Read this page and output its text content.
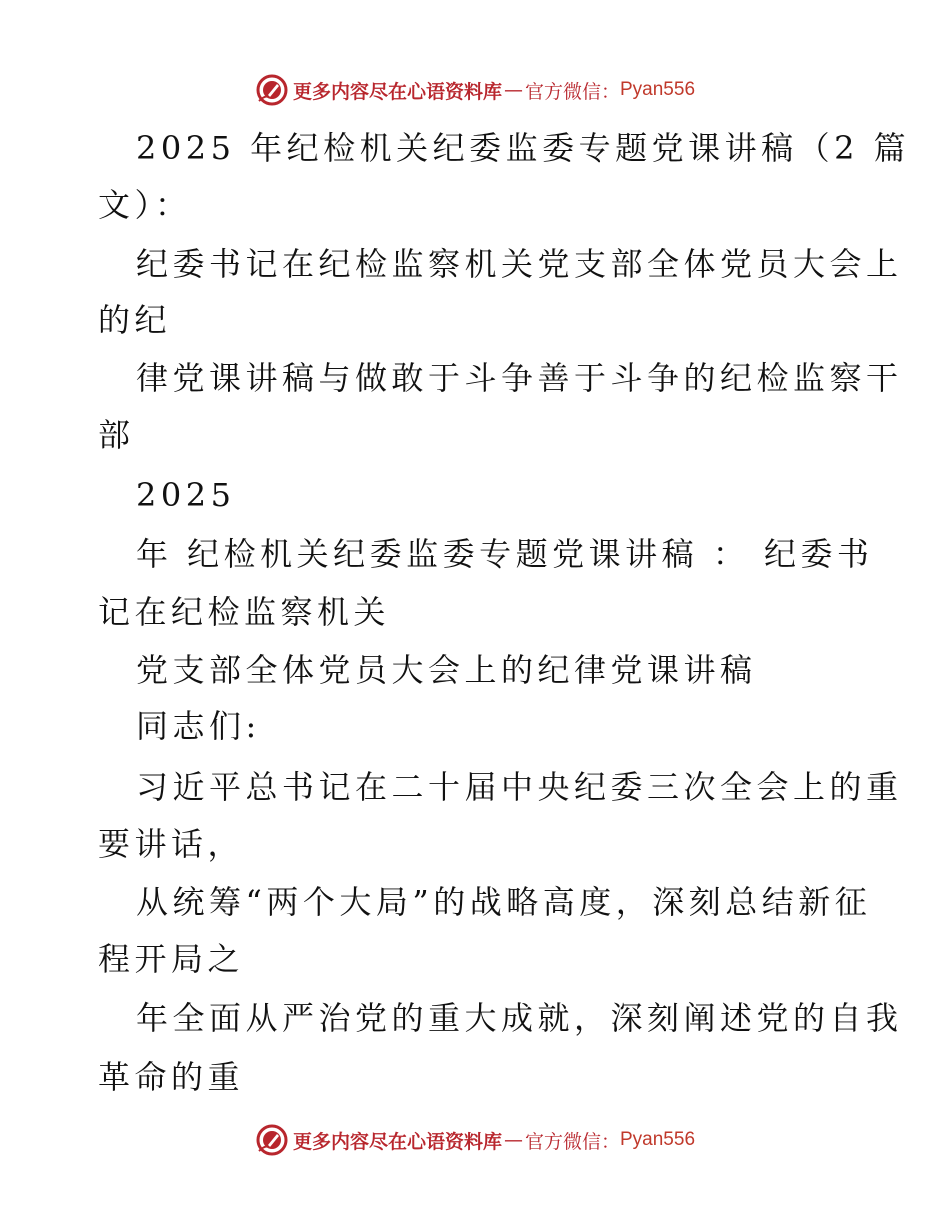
更多内容尽在心语资料库 — 官方微信： Pyan556
2025 年纪检机关纪委监委专题党课讲稿（2 篇
文）：
纪委书记在纪检监察机关党支部全体党员大会上
的纪
律党课讲稿与做敢于斗争善于斗争的纪检监察干
部
2025
年 纪检机关纪委监委专题党课讲稿 ： 纪委书
记在纪检监察机关
党支部全体党员大会上的纪律党课讲稿
同志们:
习近平总书记在二十届中央纪委三次全会上的重
要讲话，
从统筹“两个大局”的战略高度，深刻总结新征
程开局之
年全面从严治党的重大成就，深刻阐述党的自我
革命的重
更多内容尽在心语资料库 — 官方微信： Pyan556
